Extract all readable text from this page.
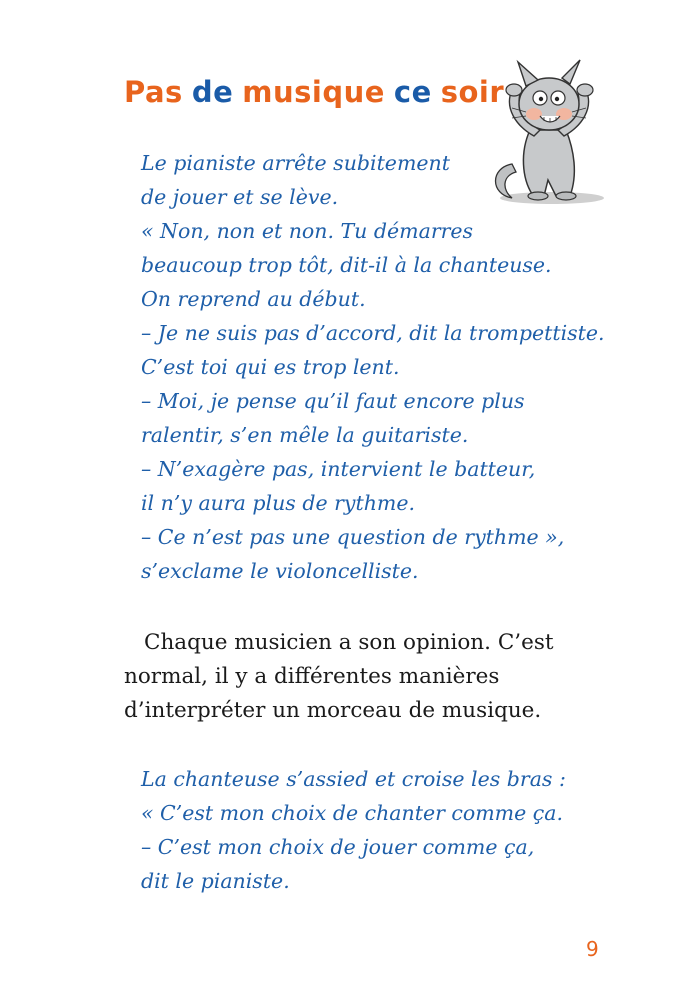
Pas de musique ce soir
Le pianiste arrête subitement
de jouer et se lève.
« Non, non et non. Tu démarres
beaucoup trop tôt, dit-il à la chanteuse.
On reprend au début.
– Je ne suis pas d’accord, dit la trompettiste.
C’est toi qui es trop lent.
– Moi, je pense qu’il faut encore plus
ralentir, s’en mêle la guitariste.
– N’exagère pas, intervient le batteur,
il n’y aura plus de rythme.
– Ce n’est pas une question de rythme »,
s’exclame le violoncelliste.
Chaque musicien a son opinion. C’est
normal, il y a différentes manières
d’interpréter un morceau de musique.
La chanteuse s’assied et croise les bras :
« C’est mon choix de chanter comme ça.
– C’est mon choix de jouer comme ça,
dit le pianiste.
9
